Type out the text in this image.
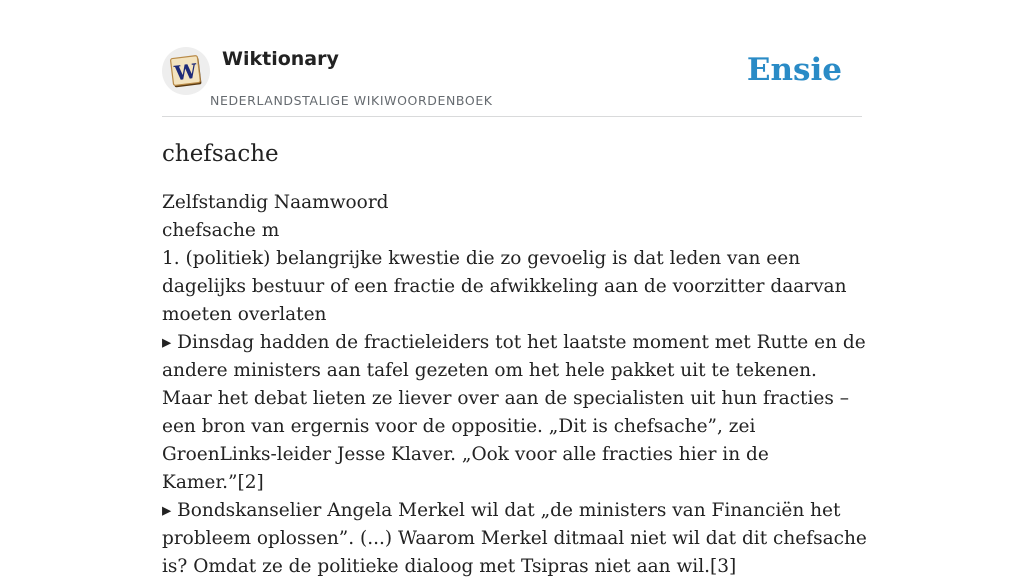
W Wiktionary
NEDERLANDSTALIGE WIKIWOORDENBOEK
Ensie
chefsache

Zelfstandig Naamwoord

chefsache m

1. (politiek) belangrijke kwestie die zo gevoelig is dat leden van een dagelijks bestuur of een fractie de afwikkeling aan de voorzitter daarvan moeten overlaten

▸ Dinsdag hadden de fractieleiders tot het laatste moment met Rutte en de andere ministers aan tafel gezeten om het hele pakket uit te tekenen. Maar het debat lieten ze liever over aan de specialisten uit hun fracties – een bron van ergernis voor de oppositie. „Dit is chefsache”, zei GroenLinks-leider Jesse Klaver. „Ook voor alle fracties hier in de Kamer.”[2]

▸ Bondskanselier Angela Merkel wil dat „de ministers van Financiën het probleem oplossen”. (...) Waarom Merkel ditmaal niet wil dat dit chefsache is? Omdat ze de politieke dialoog met Tsipras niet aan wil.[3]
